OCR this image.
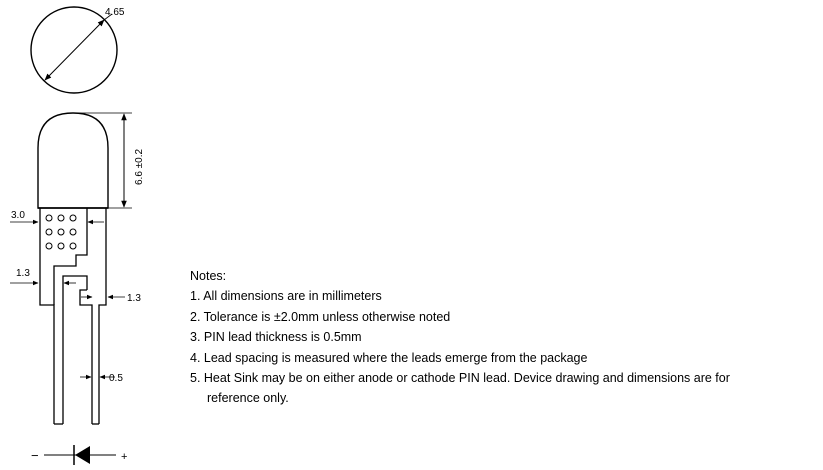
4.65
6.6 ±0.2
3.0
1.3
1.3
0.5
−	+
Notes:
1. All dimensions are in millimeters
2. Tolerance is ±2.0mm unless otherwise noted
3. PIN lead thickness is 0.5mm
4. Lead spacing is measured where the leads emerge from the package
5. Heat Sink may be on either anode or cathode PIN lead. Device drawing and dimensions are for
reference only.
